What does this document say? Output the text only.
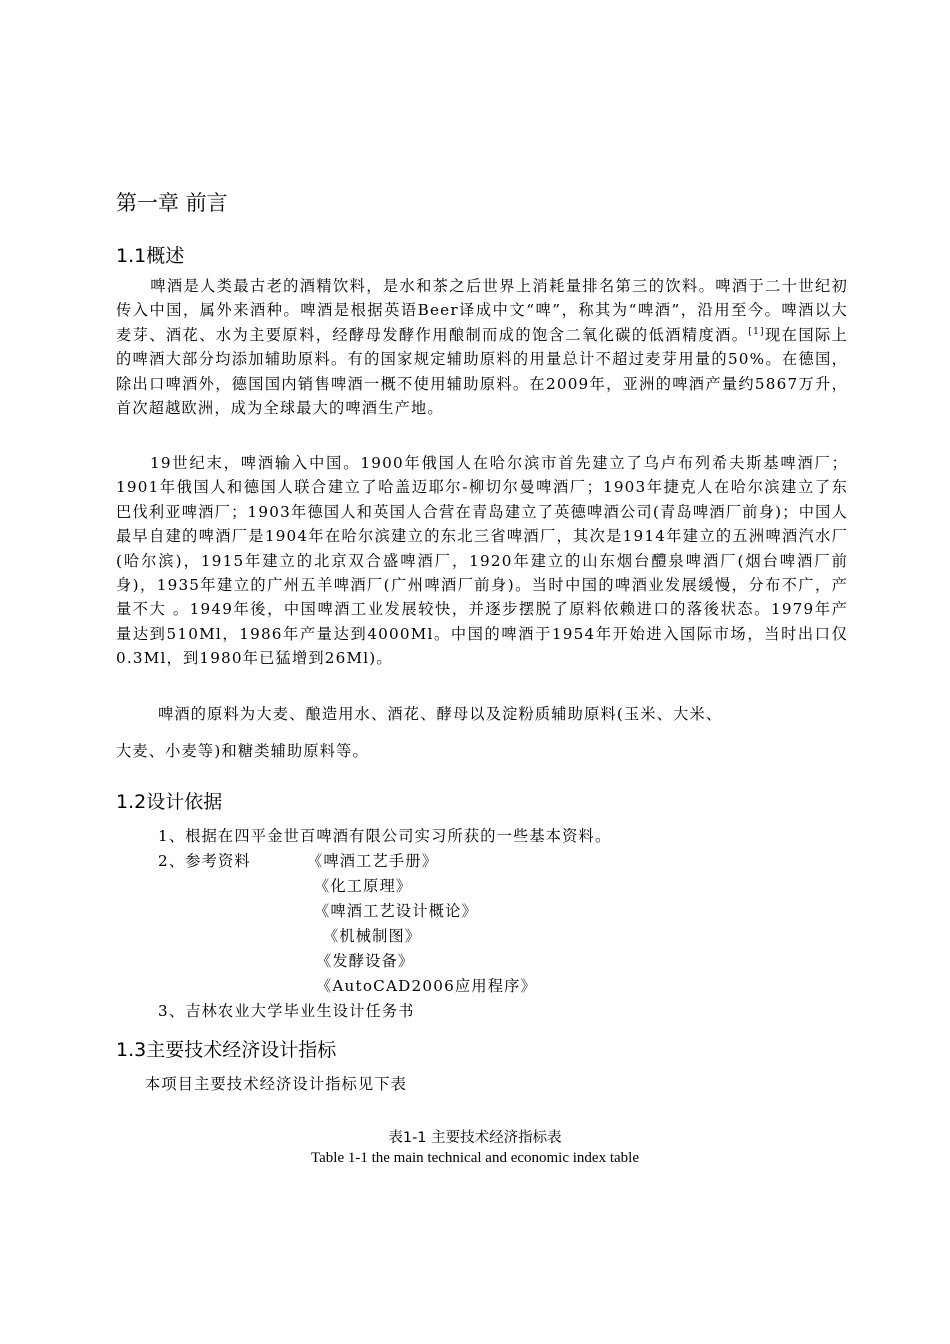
第一章 前言
1.1概述

啤酒是人类最古老的酒精饮料，是水和茶之后世界上消耗量排名第三的饮料。啤酒于二十世纪初传入中国，属外来酒种。啤酒是根据英语Beer译成中文“啤”，称其为“啤酒”，沿用至今。啤酒以大麦芽、酒花、水为主要原料，经酵母发酵作用酿制而成的饱含二氧化碳的低酒精度酒。[1]现在国际上的啤酒大部分均添加辅助原料。有的国家规定辅助原料的用量总计不超过麦芽用量的50%。在德国，除出口啤酒外，德国国内销售啤酒一概不使用辅助原料。在2009年，亚洲的啤酒产量约5867万升，首次超越欧洲，成为全球最大的啤酒生产地。

19世纪末，啤酒输入中国。1900年俄国人在哈尔滨市首先建立了乌卢布列希夫斯基啤酒厂；1901年俄国人和德国人联合建立了哈盖迈耶尔-柳切尔曼啤酒厂；1903年捷克人在哈尔滨建立了东巴伐利亚啤酒厂；1903年德国人和英国人合营在青岛建立了英德啤酒公司(青岛啤酒厂前身)；中国人最早自建的啤酒厂是1904年在哈尔滨建立的东北三省啤酒厂，其次是1914年建立的五洲啤酒汽水厂(哈尔滨)，1915年建立的北京双合盛啤酒厂，1920年建立的山东烟台醴泉啤酒厂(烟台啤酒厂前身)，1935年建立的广州五羊啤酒厂(广州啤酒厂前身)。当时中国的啤酒业发展缓慢，分布不广，产量不大 。1949年後，中国啤酒工业发展较快，并逐步摆脱了原料依赖进口的落後状态。1979年产量达到510Ml，1986年产量达到4000Ml。中国的啤酒于1954年开始进入国际市场，当时出口仅0.3Ml，到1980年已猛增到26Ml)。

啤酒的原料为大麦、酿造用水、酒花、酵母以及淀粉质辅助原料(玉米、大米、
大麦、小麦等)和糖类辅助原料等。
1.2设计依据
1、根据在四平金世百啤酒有限公司实习所获的一些基本资料。
2、参考资料	《啤酒工艺手册》
《化工原理》
《啤酒工艺设计概论》
《机械制图》
《发酵设备》
《AutoCAD2006应用程序》
3、吉林农业大学毕业生设计任务书
1.3主要技术经济设计指标
本项目主要技术经济设计指标见下表
表1-1 主要技术经济指标表
Table 1-1 the main technical and economic index table
